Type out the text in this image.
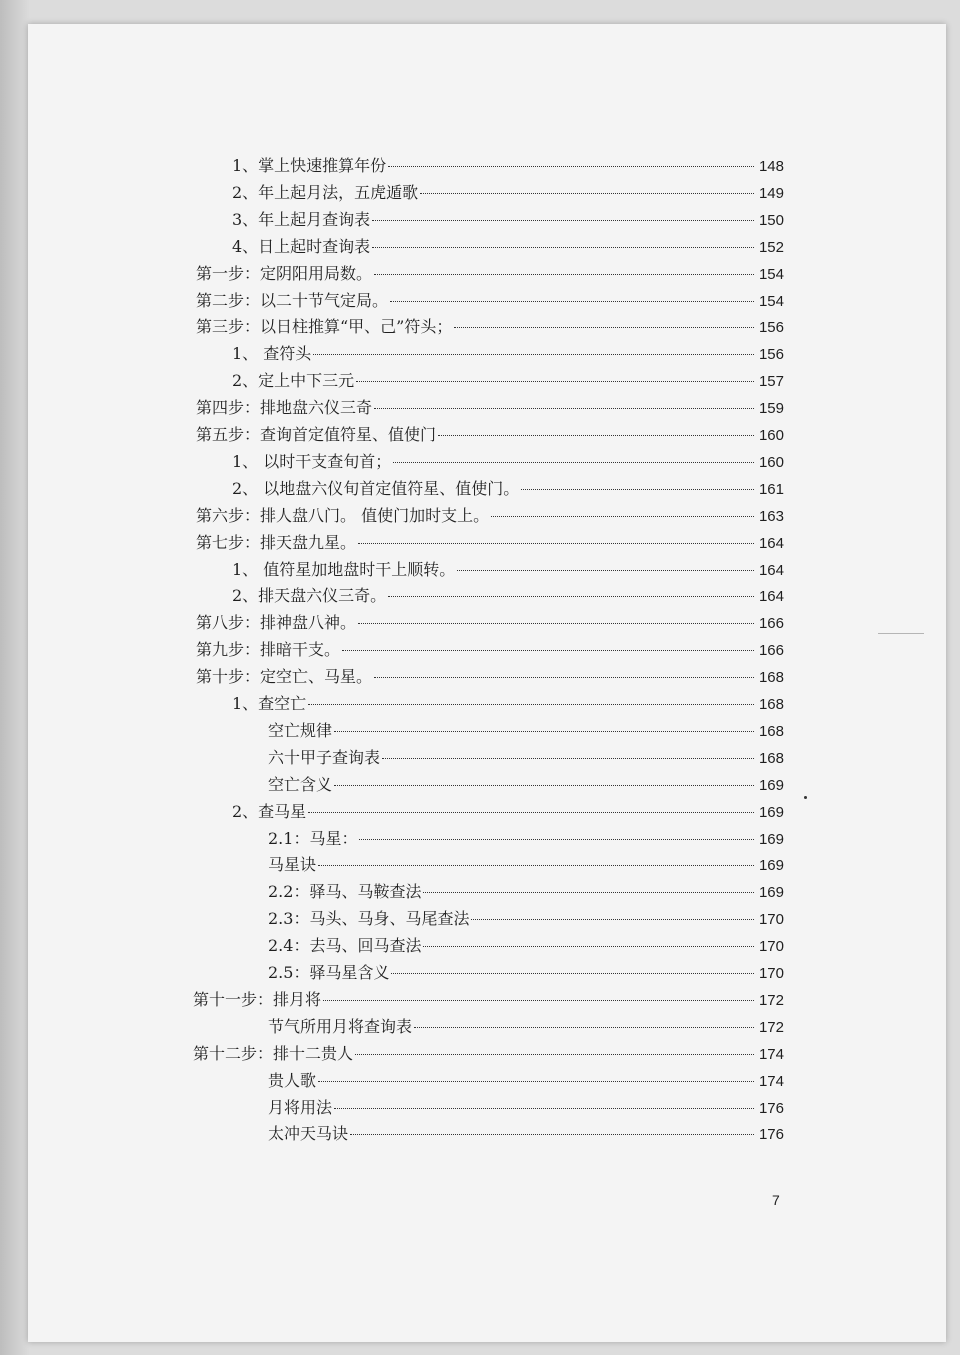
1、掌上快速推算年份	148
2、年上起月法，五虎遁歌	149
3、年上起月查询表	150
4、日上起时查询表	152
第一步：定阴阳用局数。	154
第二步：以二十节气定局。	154
第三步：以日柱推算“甲、己”符头；	156
1、 查符头	156
2、定上中下三元	157
第四步：排地盘六仪三奇	159
第五步：查询首定值符星、值使门	160
1、 以时干支查旬首；	160
2、 以地盘六仪旬首定值符星、值使门。	161
第六步：排人盘八门。 值使门加时支上。	163
第七步：排天盘九星。	164
1、 值符星加地盘时干上顺转。	164
2、排天盘六仪三奇。	164
第八步：排神盘八神。	166
第九步：排暗干支。	166
第十步：定空亡、马星。	168
1、查空亡	168
空亡规律	168
六十甲子查询表	168
空亡含义	169
2、查马星	169
2.1：马星：	169
马星诀	169
2.2：驿马、马鞍查法	169
2.3：马头、马身、马尾查法	170
2.4：去马、回马查法	170
2.5：驿马星含义	170
第十一步：排月将	172
节气所用月将查询表	172
第十二步：排十二贵人	174
贵人歌	174
月将用法	176
太冲天马诀	176
7
